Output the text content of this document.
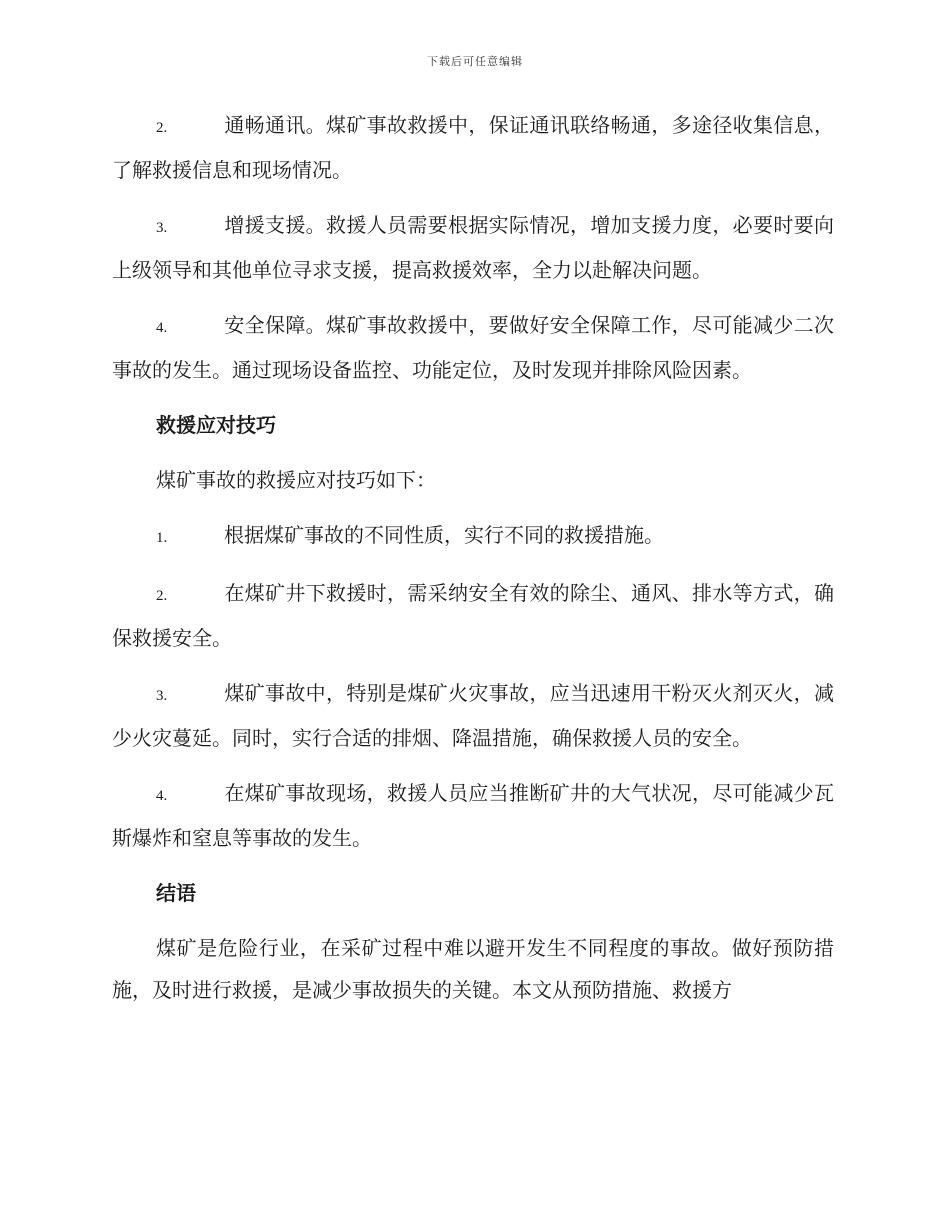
下载后可任意编辑

2.	通畅通讯。煤矿事故救援中，保证通讯联络畅通，多途径收集信息，了解救援信息和现场情况。

3.	增援支援。救援人员需要根据实际情况，增加支援力度，必要时要向上级领导和其他单位寻求支援，提高救援效率，全力以赴解决问题。

4.	安全保障。煤矿事故救援中，要做好安全保障工作，尽可能减少二次事故的发生。通过现场设备监控、功能定位，及时发现并排除风险因素。

救援应对技巧

煤矿事故的救援应对技巧如下：

1.	根据煤矿事故的不同性质，实行不同的救援措施。

2.	在煤矿井下救援时，需采纳安全有效的除尘、通风、排水等方式，确保救援安全。

3.	煤矿事故中，特别是煤矿火灾事故，应当迅速用干粉灭火剂灭火，减少火灾蔓延。同时，实行合适的排烟、降温措施，确保救援人员的安全。

4.	在煤矿事故现场，救援人员应当推断矿井的大气状况，尽可能减少瓦斯爆炸和窒息等事故的发生。

结语

煤矿是危险行业，在采矿过程中难以避开发生不同程度的事故。做好预防措施，及时进行救援，是减少事故损失的关键。本文从预防措施、救援方
